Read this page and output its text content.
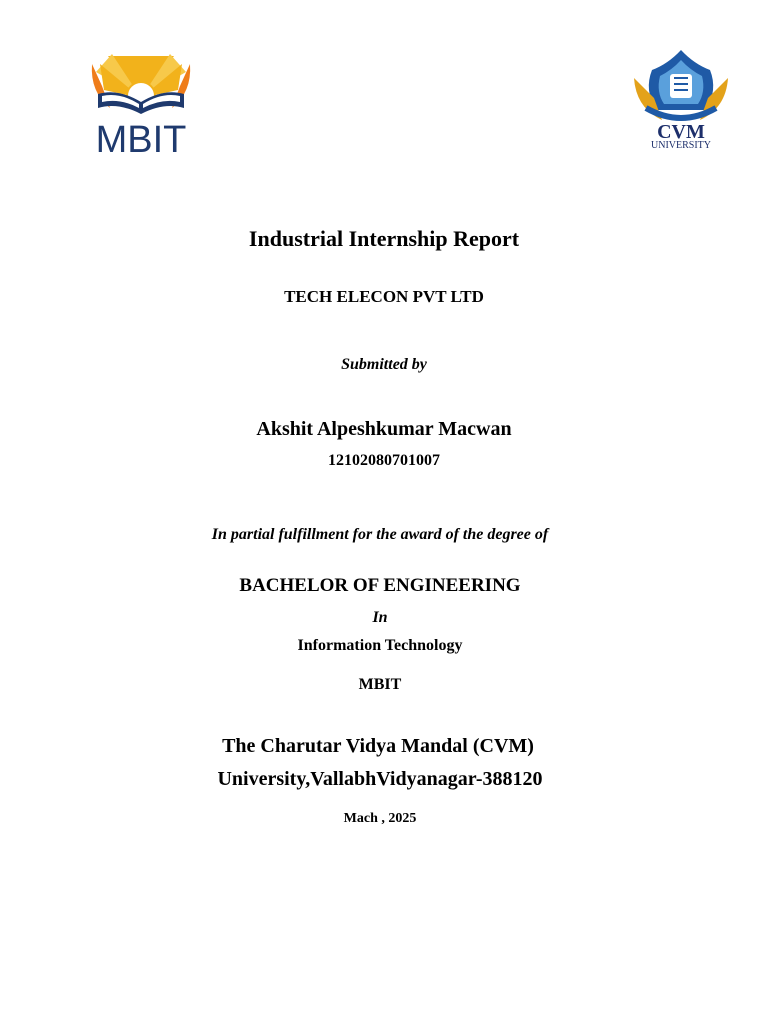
MBIT	CVM
UNIVERSITY
Industrial Internship Report
TECH ELECON PVT LTD
Submitted by
Akshit Alpeshkumar Macwan
12102080701007
In partial fulfillment for the award of the degree of
BACHELOR OF ENGINEERING
In
Information Technology
MBIT
The Charutar Vidya Mandal (CVM)
University,VallabhVidyanagar-388120
Mach , 2025
